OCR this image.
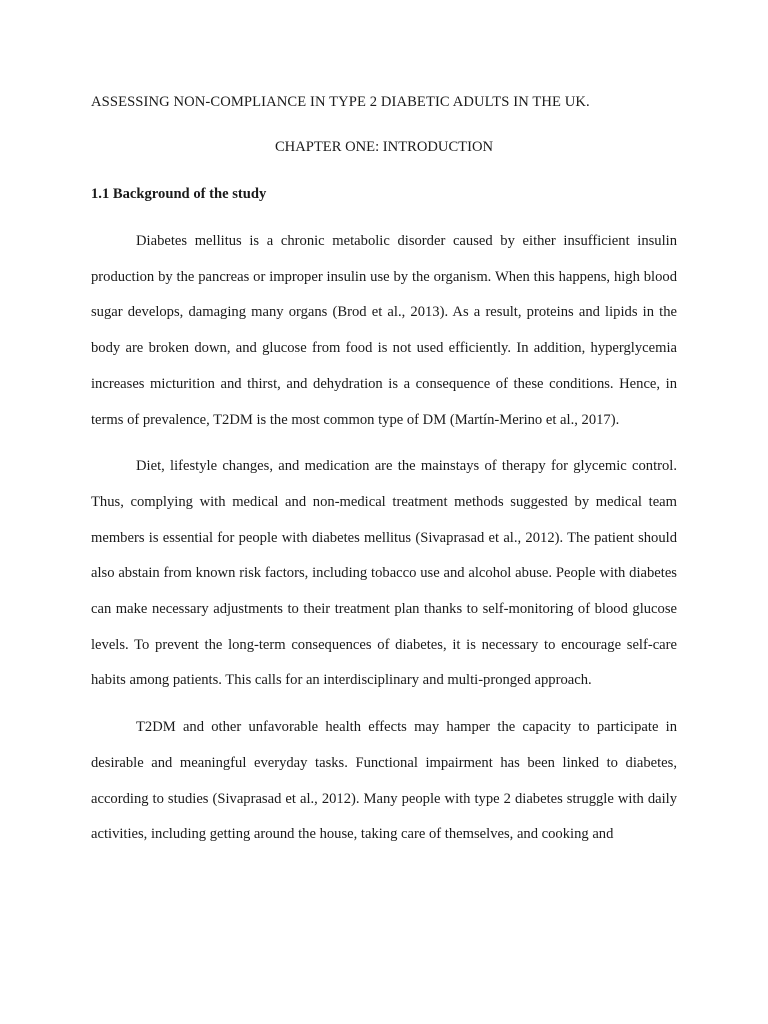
ASSESSING NON-COMPLIANCE IN TYPE 2 DIABETIC ADULTS IN THE UK.
CHAPTER ONE: INTRODUCTION
1.1 Background of the study

Diabetes mellitus is a chronic metabolic disorder caused by either insufficient insulin production by the pancreas or improper insulin use by the organism. When this happens, high blood sugar develops, damaging many organs (Brod et al., 2013). As a result, proteins and lipids in the body are broken down, and glucose from food is not used efficiently. In addition, hyperglycemia increases micturition and thirst, and dehydration is a consequence of these conditions. Hence, in terms of prevalence, T2DM is the most common type of DM (Martín-Merino et al., 2017).

Diet, lifestyle changes, and medication are the mainstays of therapy for glycemic control. Thus, complying with medical and non-medical treatment methods suggested by medical team members is essential for people with diabetes mellitus (Sivaprasad et al., 2012). The patient should also abstain from known risk factors, including tobacco use and alcohol abuse. People with diabetes can make necessary adjustments to their treatment plan thanks to self-monitoring of blood glucose levels. To prevent the long-term consequences of diabetes, it is necessary to encourage self-care habits among patients. This calls for an interdisciplinary and multi-pronged approach.

T2DM and other unfavorable health effects may hamper the capacity to participate in desirable and meaningful everyday tasks. Functional impairment has been linked to diabetes, according to studies (Sivaprasad et al., 2012). Many people with type 2 diabetes struggle with daily activities, including getting around the house, taking care of themselves, and cooking and
